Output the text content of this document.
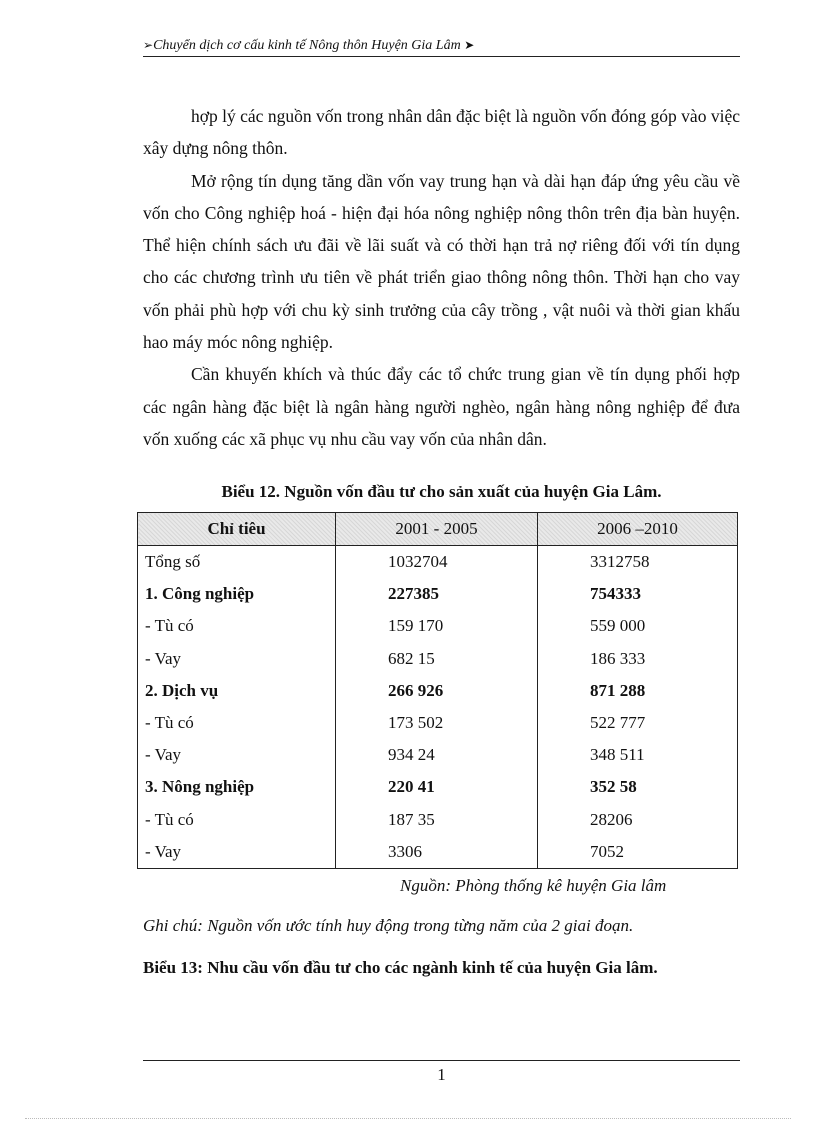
➢Chuyển dịch cơ cấu kinh tế Nông thôn Huyện Gia Lâm ➤

hợp lý các nguồn vốn trong nhân dân đặc biệt là nguồn vốn đóng góp vào việc xây dựng nông thôn.

Mở rộng tín dụng tăng dần vốn vay trung hạn và dài hạn đáp ứng yêu cầu về vốn cho Công nghiệp hoá - hiện đại hóa nông nghiệp nông thôn trên địa bàn huyện. Thể hiện chính sách ưu đãi về lãi suất và có thời hạn trả nợ riêng đối với tín dụng cho các chương trình ưu tiên về phát triển giao thông nông thôn. Thời hạn cho vay vốn phải phù hợp với chu kỳ sinh trưởng của cây trồng , vật nuôi và thời gian khấu hao máy móc nông nghiệp.

Cần khuyến khích và thúc đẩy các tổ chức trung gian về tín dụng phối hợp các ngân hàng đặc biệt là ngân hàng người nghèo, ngân hàng nông nghiệp để đưa vốn xuống các xã phục vụ nhu cầu vay vốn của nhân dân.

Biểu 12. Nguồn vốn đầu tư cho sản xuất của huyện Gia Lâm.
Chỉ tiêu	2001 - 2005	2006 –2010
Tổng số	1032704	3312758
1. Công nghiệp	227385	754333
- Tù có	159 170	559 000
- Vay	682 15	186 333
2. Dịch vụ	266 926	871 288
- Tù có	173 502	522 777
- Vay	934 24	348 511
3. Nông nghiệp	220 41	352 58
- Tù có	187 35	28206
- Vay	3306	7052
Nguồn: Phòng thống kê huyện Gia lâm
Ghi chú: Nguồn vốn ước tính huy động trong từng năm của 2 giai đoạn.
Biểu 13: Nhu cầu vốn đầu tư cho các ngành kinh tế của huyện Gia lâm.
1
